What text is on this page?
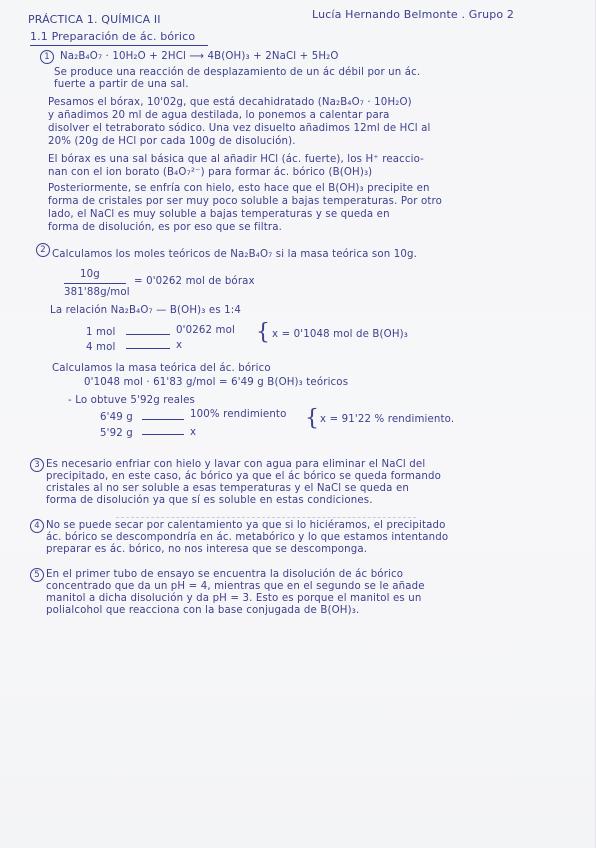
PRÁCTICA 1. QUÍMICA II	Lucía Hernando Belmonte . Grupo 2
1.1 Preparación de ác. bórico
1	Na₂B₄O₇ · 10H₂O + 2HCl ⟶ 4B(OH)₃ + 2NaCl + 5H₂O
Se produce una reacción de desplazamiento de un ác débil por un ác.
fuerte a partir de una sal.
Pesamos el bórax, 10'02g, que está decahidratado (Na₂B₄O₇ · 10H₂O)
y añadimos 20 ml de agua destilada, lo ponemos a calentar para
disolver el tetraborato sódico. Una vez disuelto añadimos 12ml de HCl al
20% (20g de HCl por cada 100g de disolución).
El bórax es una sal básica que al añadir HCl (ác. fuerte), los H⁺ reaccio-
nan con el ion borato (B₄O₇²⁻) para formar ác. bórico (B(OH)₃)
Posteriormente, se enfría con hielo, esto hace que el B(OH)₃ precipite en
forma de cristales por ser muy poco soluble a bajas temperaturas. Por otro
lado, el NaCl es muy soluble a bajas temperaturas y se queda en
forma de disolución, es por eso que se filtra.
2 Calculamos los moles teóricos de Na₂B₄O₇ si la masa teórica son 10g.
10g
381'88g/mol
= 0'0262 mol de bórax
La relación Na₂B₄O₇ — B(OH)₃ es 1:4
1 mol	0'0262 mol
4 mol	x
{ x = 0'1048 mol de B(OH)₃
Calculamos la masa teórica del ác. bórico
0'1048 mol · 61'83 g/mol = 6'49 g B(OH)₃ teóricos
- Lo obtuve 5'92g reales
6'49 g	100% rendimiento
5'92 g	x
{ x = 91'22 % rendimiento.
3 Es necesario enfriar con hielo y lavar con agua para eliminar el NaCl del
precipitado, en este caso, ác bórico ya que el ác bórico se queda formando
cristales al no ser soluble a esas temperaturas y el NaCl se queda en
forma de disolución ya que sí es soluble en estas condiciones.
4 No se puede secar por calentamiento ya que si lo hiciéramos, el precipitado
ác. bórico se descompondría en ác. metabórico y lo que estamos intentando
preparar es ác. bórico, no nos interesa que se descomponga.
5 En el primer tubo de ensayo se encuentra la disolución de ác bórico
concentrado que da un pH = 4, mientras que en el segundo se le añade
manitol a dicha disolución y da pH = 3. Esto es porque el manitol es un
polialcohol que reacciona con la base conjugada de B(OH)₃.
